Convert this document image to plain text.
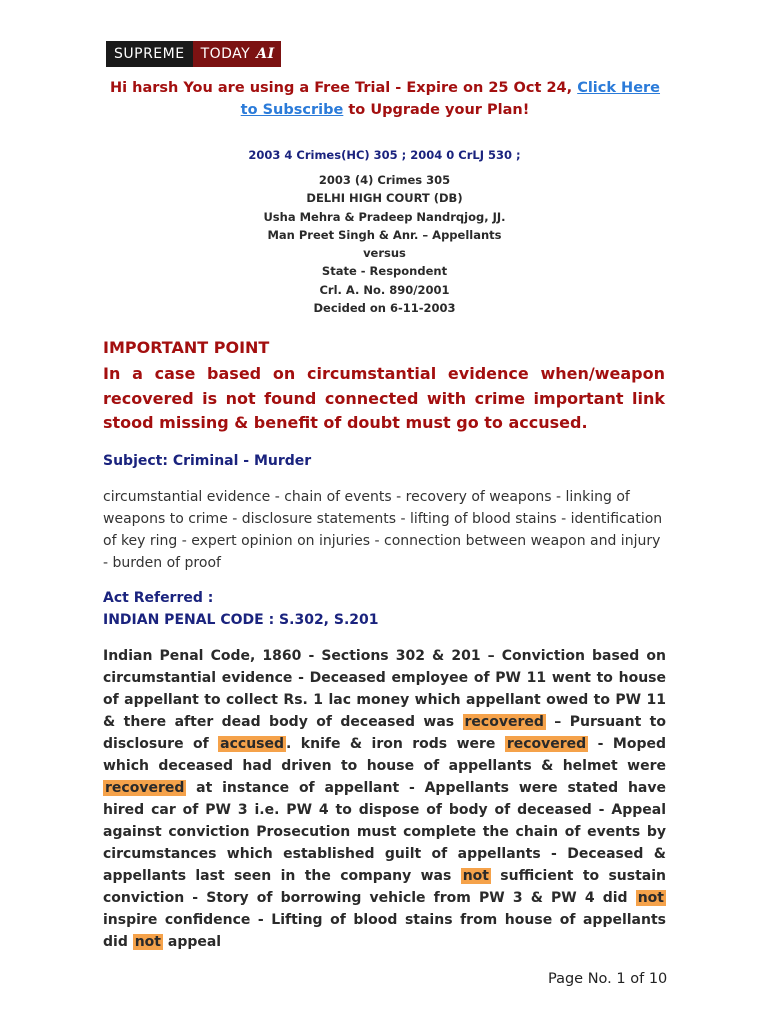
SUPREME	TODAY AI
Hi harsh You are using a Free Trial - Expire on 25 Oct 24, Click Here to Subscribe to Upgrade your Plan!
2003 4 Crimes(HC) 305 ; 2004 0 CrLJ 530 ;
2003 (4) Crimes 305
DELHI HIGH COURT (DB)
Usha Mehra & Pradeep Nandrqjog, JJ.
Man Preet Singh & Anr. – Appellants
versus
State - Respondent
Crl. A. No. 890/2001
Decided on 6-11-2003
IMPORTANT POINT
In a case based on circumstantial evidence when/weapon recovered is not found connected with crime important link stood missing & benefit of doubt must go to accused.
Subject: Criminal - Murder
circumstantial evidence - chain of events - recovery of weapons - linking of weapons to crime - disclosure statements - lifting of blood stains - identification of key ring - expert opinion on injuries - connection between weapon and injury - burden of proof
Act Referred :
INDIAN PENAL CODE : S.302, S.201
Indian Penal Code, 1860 - Sections 302 & 201 – Conviction based on circumstantial evidence - Deceased employee of PW 11 went to house of appellant to collect Rs. 1 lac money which appellant owed to PW 11 & there after dead body of deceased was recovered – Pursuant to disclosure of accused . knife & iron rods were recovered - Moped which deceased had driven to house of appellants & helmet were recovered at instance of appellant - Appellants were stated have hired car of PW 3 i.e. PW 4 to dispose of body of deceased - Appeal against conviction Prosecution must complete the chain of events by circumstances which established guilt of appellants - Deceased & appellants last seen in the company was not sufficient to sustain conviction - Story of borrowing vehicle from PW 3 & PW 4 did not inspire confidence - Lifting of blood stains from house of appellants did not appeal
Page No. 1 of 10
